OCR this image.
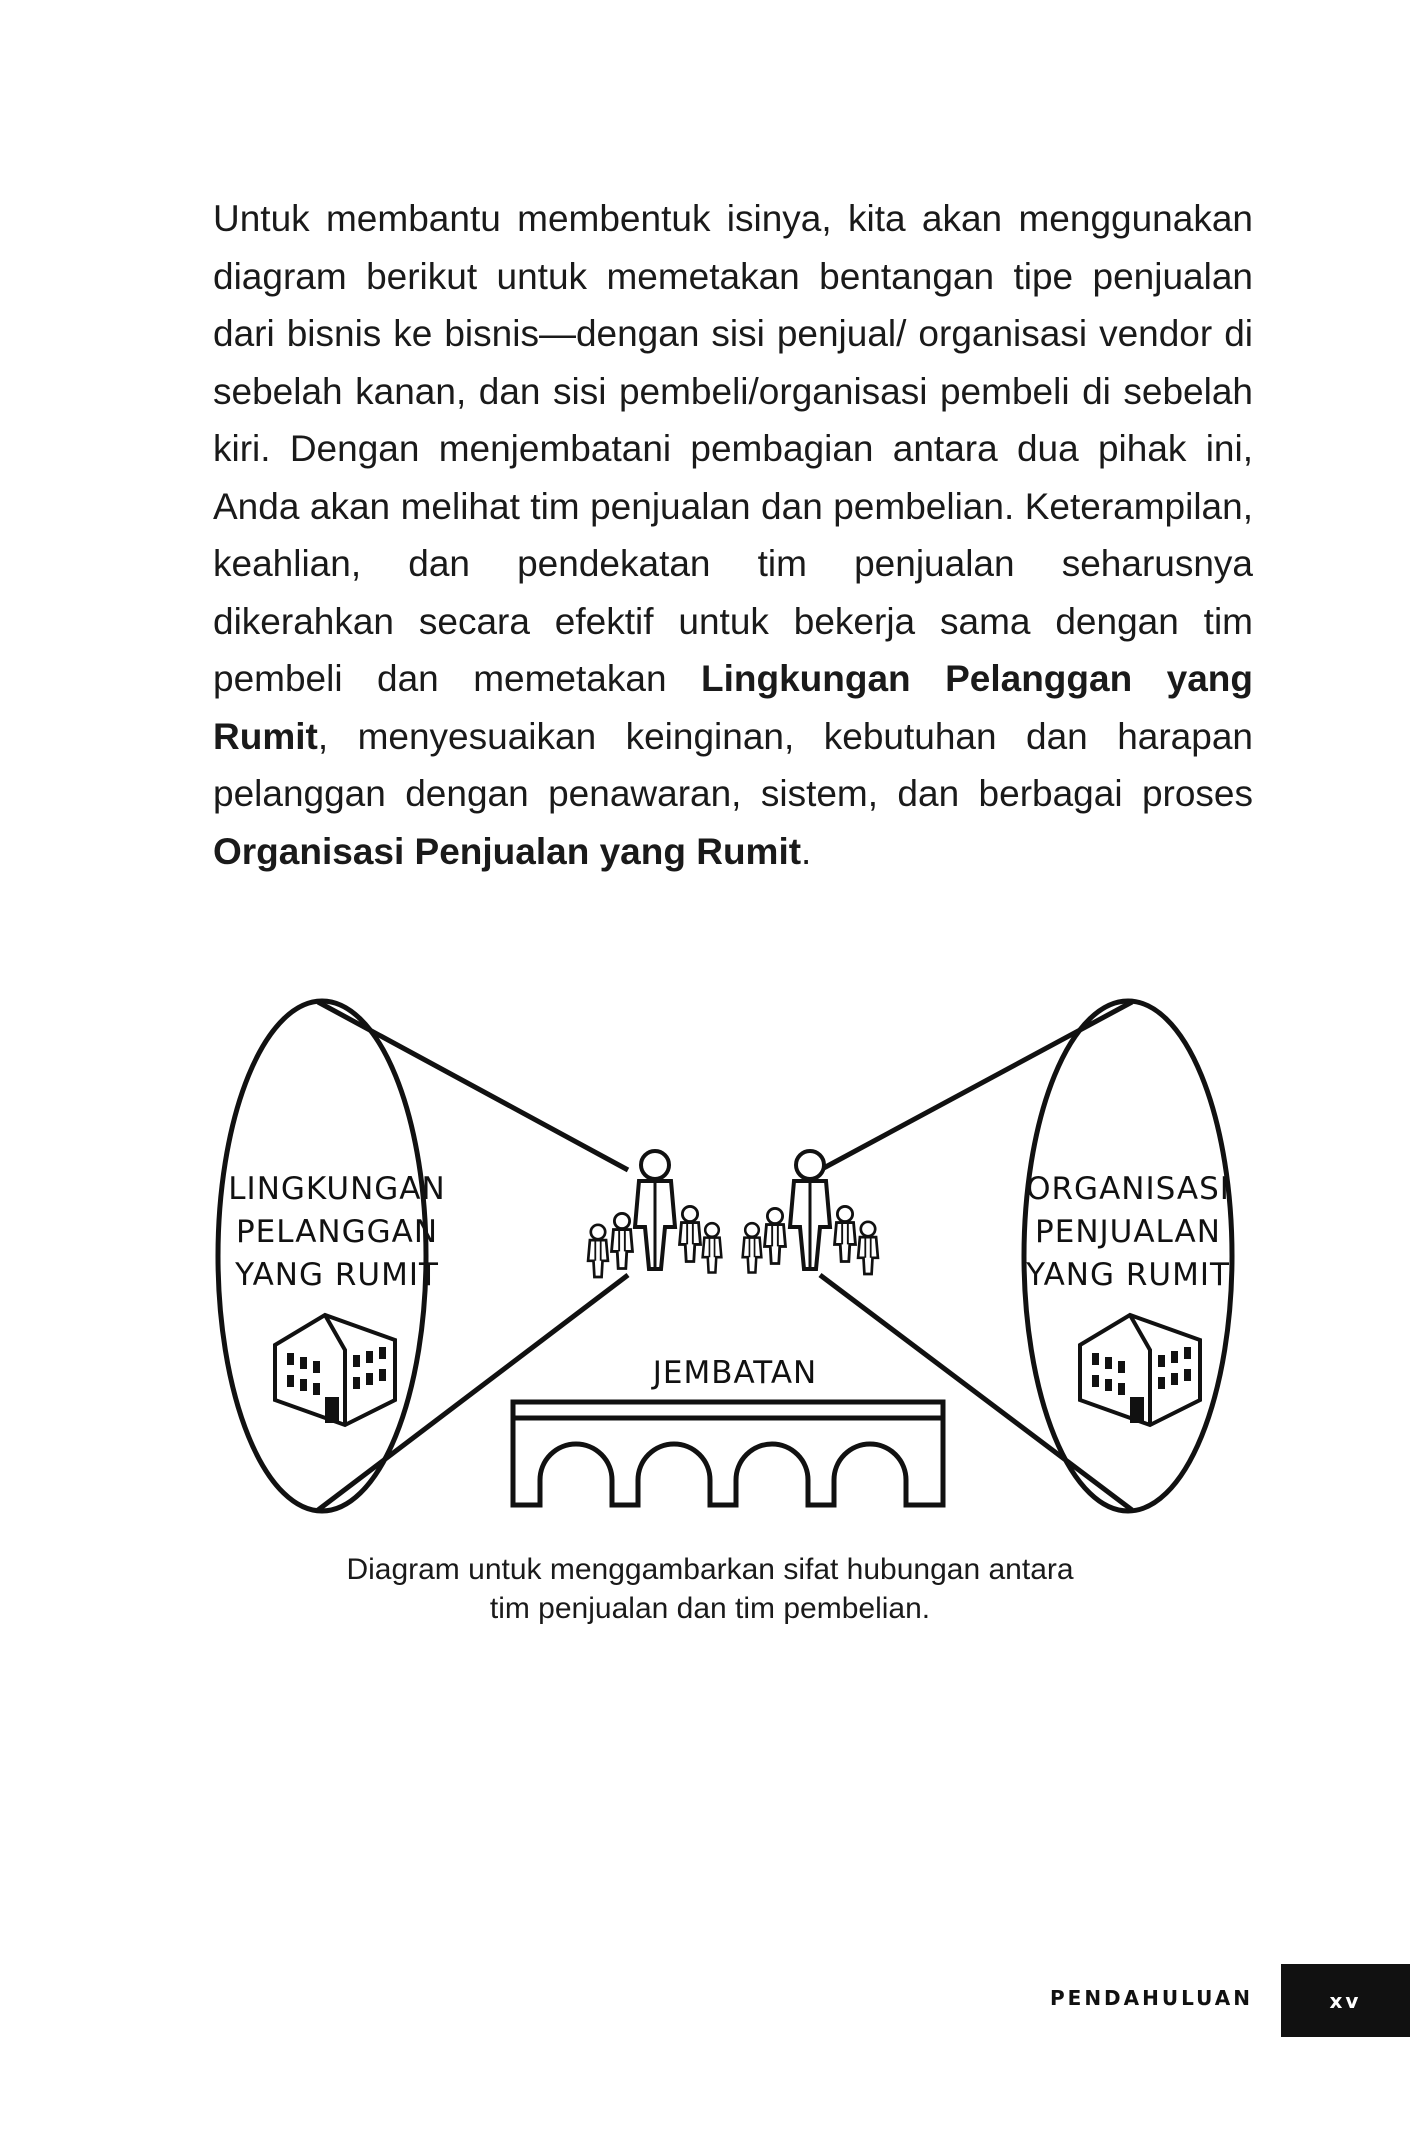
Untuk membantu membentuk isinya, kita akan menggunakan diagram berikut untuk memetakan bentangan tipe penjualan dari bisnis ke bisnis—dengan sisi penjual/ organisasi vendor di sebelah kanan, dan sisi pembeli/organisasi pembeli di sebelah kiri. Dengan menjembatani pembagian antara dua pihak ini, Anda akan melihat tim penjualan dan pembelian. Keterampilan, keahlian, dan pendekatan tim penjualan seharusnya dikerahkan secara efektif untuk bekerja sama dengan tim pembeli dan memetakan Lingkungan Pelanggan yang Rumit, menyesuaikan keinginan, kebutuhan dan harapan pelanggan dengan penawaran, sistem, dan berbagai proses Organisasi Penjualan yang Rumit.

LINGKUNGAN
PELANGGAN
YANG RUMIT
ORGANISASI
PENJUALAN
YANG RUMIT
JEMBATAN
Diagram untuk menggambarkan sifat hubungan antara
tim penjualan dan tim pembelian.
PENDAHULUAN	xv
